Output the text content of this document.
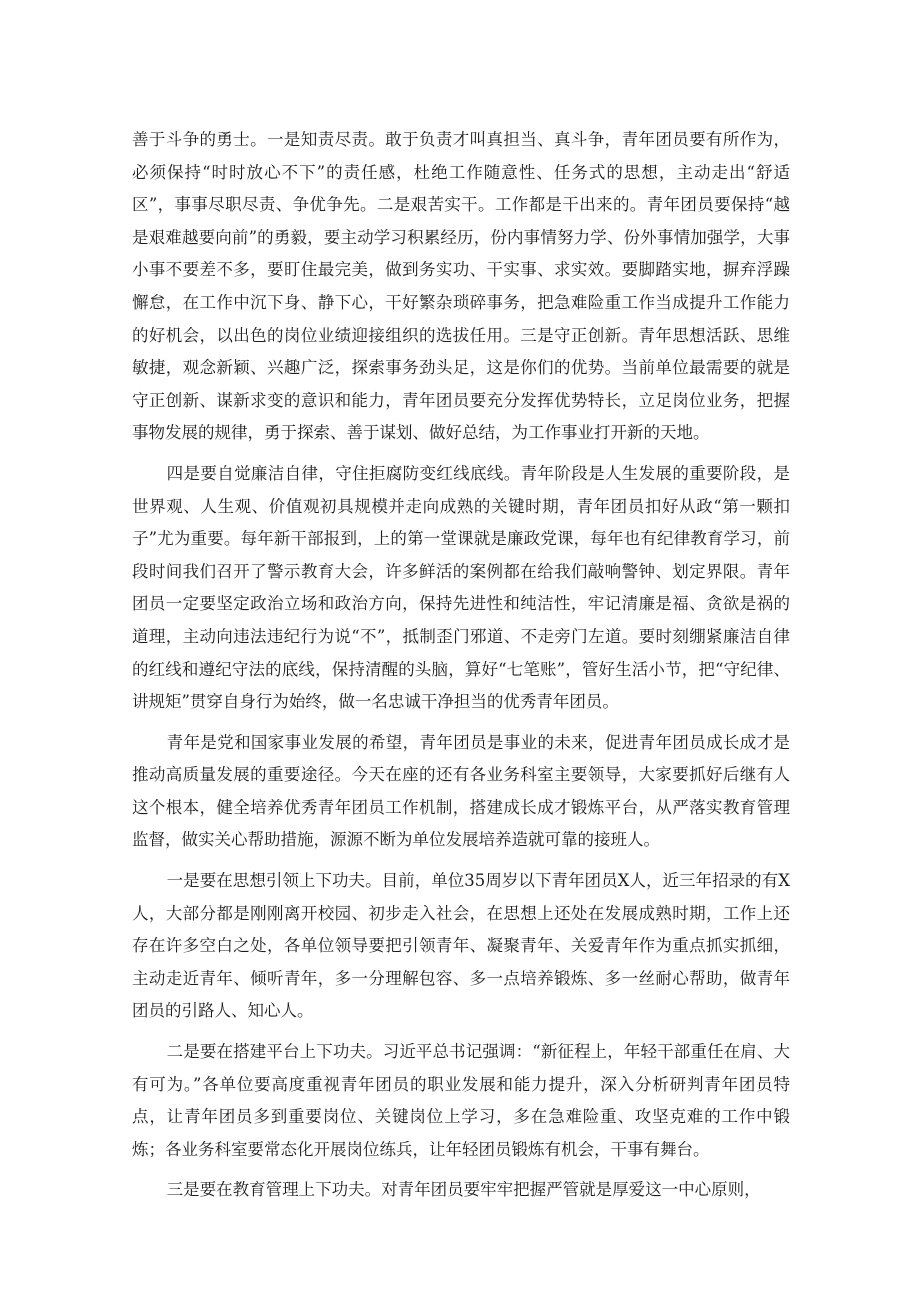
善于斗争的勇士。一是知责尽责。敢于负责才叫真担当、真斗争，青年团员要有所作为，必须保持“时时放心不下”的责任感，杜绝工作随意性、任务式的思想，主动走出“舒适区”，事事尽职尽责、争优争先。二是艰苦实干。工作都是干出来的。青年团员要保持“越是艰难越要向前”的勇毅，要主动学习积累经历，份内事情努力学、份外事情加强学，大事小事不要差不多，要盯住最完美，做到务实功、干实事、求实效。要脚踏实地，摒弃浮躁懈怠，在工作中沉下身、静下心，干好繁杂琐碎事务，把急难险重工作当成提升工作能力的好机会，以出色的岗位业绩迎接组织的选拔任用。三是守正创新。青年思想活跃、思维敏捷，观念新颖、兴趣广泛，探索事务劲头足，这是你们的优势。当前单位最需要的就是守正创新、谋新求变的意识和能力，青年团员要充分发挥优势特长，立足岗位业务，把握事物发展的规律，勇于探索、善于谋划、做好总结，为工作事业打开新的天地。

四是要自觉廉洁自律，守住拒腐防变红线底线。青年阶段是人生发展的重要阶段，是世界观、人生观、价值观初具规模并走向成熟的关键时期，青年团员扣好从政“第一颗扣子”尤为重要。每年新干部报到，上的第一堂课就是廉政党课，每年也有纪律教育学习，前段时间我们召开了警示教育大会，许多鲜活的案例都在给我们敲响警钟、划定界限。青年团员一定要坚定政治立场和政治方向，保持先进性和纯洁性，牢记清廉是福、贪欲是祸的道理，主动向违法违纪行为说“不”，抵制歪门邪道、不走旁门左道。要时刻绷紧廉洁自律的红线和遵纪守法的底线，保持清醒的头脑，算好“七笔账”，管好生活小节，把“守纪律、讲规矩”贯穿自身行为始终，做一名忠诚干净担当的优秀青年团员。

青年是党和国家事业发展的希望，青年团员是事业的未来，促进青年团员成长成才是推动高质量发展的重要途径。今天在座的还有各业务科室主要领导，大家要抓好后继有人这个根本，健全培养优秀青年团员工作机制，搭建成长成才锻炼平台，从严落实教育管理监督，做实关心帮助措施，源源不断为单位发展培养造就可靠的接班人。

一是要在思想引领上下功夫。目前，单位35周岁以下青年团员X人，近三年招录的有X人，大部分都是刚刚离开校园、初步走入社会，在思想上还处在发展成熟时期，工作上还存在许多空白之处，各单位领导要把引领青年、凝聚青年、关爱青年作为重点抓实抓细，主动走近青年、倾听青年，多一分理解包容、多一点培养锻炼、多一丝耐心帮助，做青年团员的引路人、知心人。

二是要在搭建平台上下功夫。习近平总书记强调：“新征程上，年轻干部重任在肩、大有可为。”各单位要高度重视青年团员的职业发展和能力提升，深入分析研判青年团员特点，让青年团员多到重要岗位、关键岗位上学习，多在急难险重、攻坚克难的工作中锻炼；各业务科室要常态化开展岗位练兵，让年轻团员锻炼有机会，干事有舞台。

三是要在教育管理上下功夫。对青年团员要牢牢把握严管就是厚爱这一中心原则，
